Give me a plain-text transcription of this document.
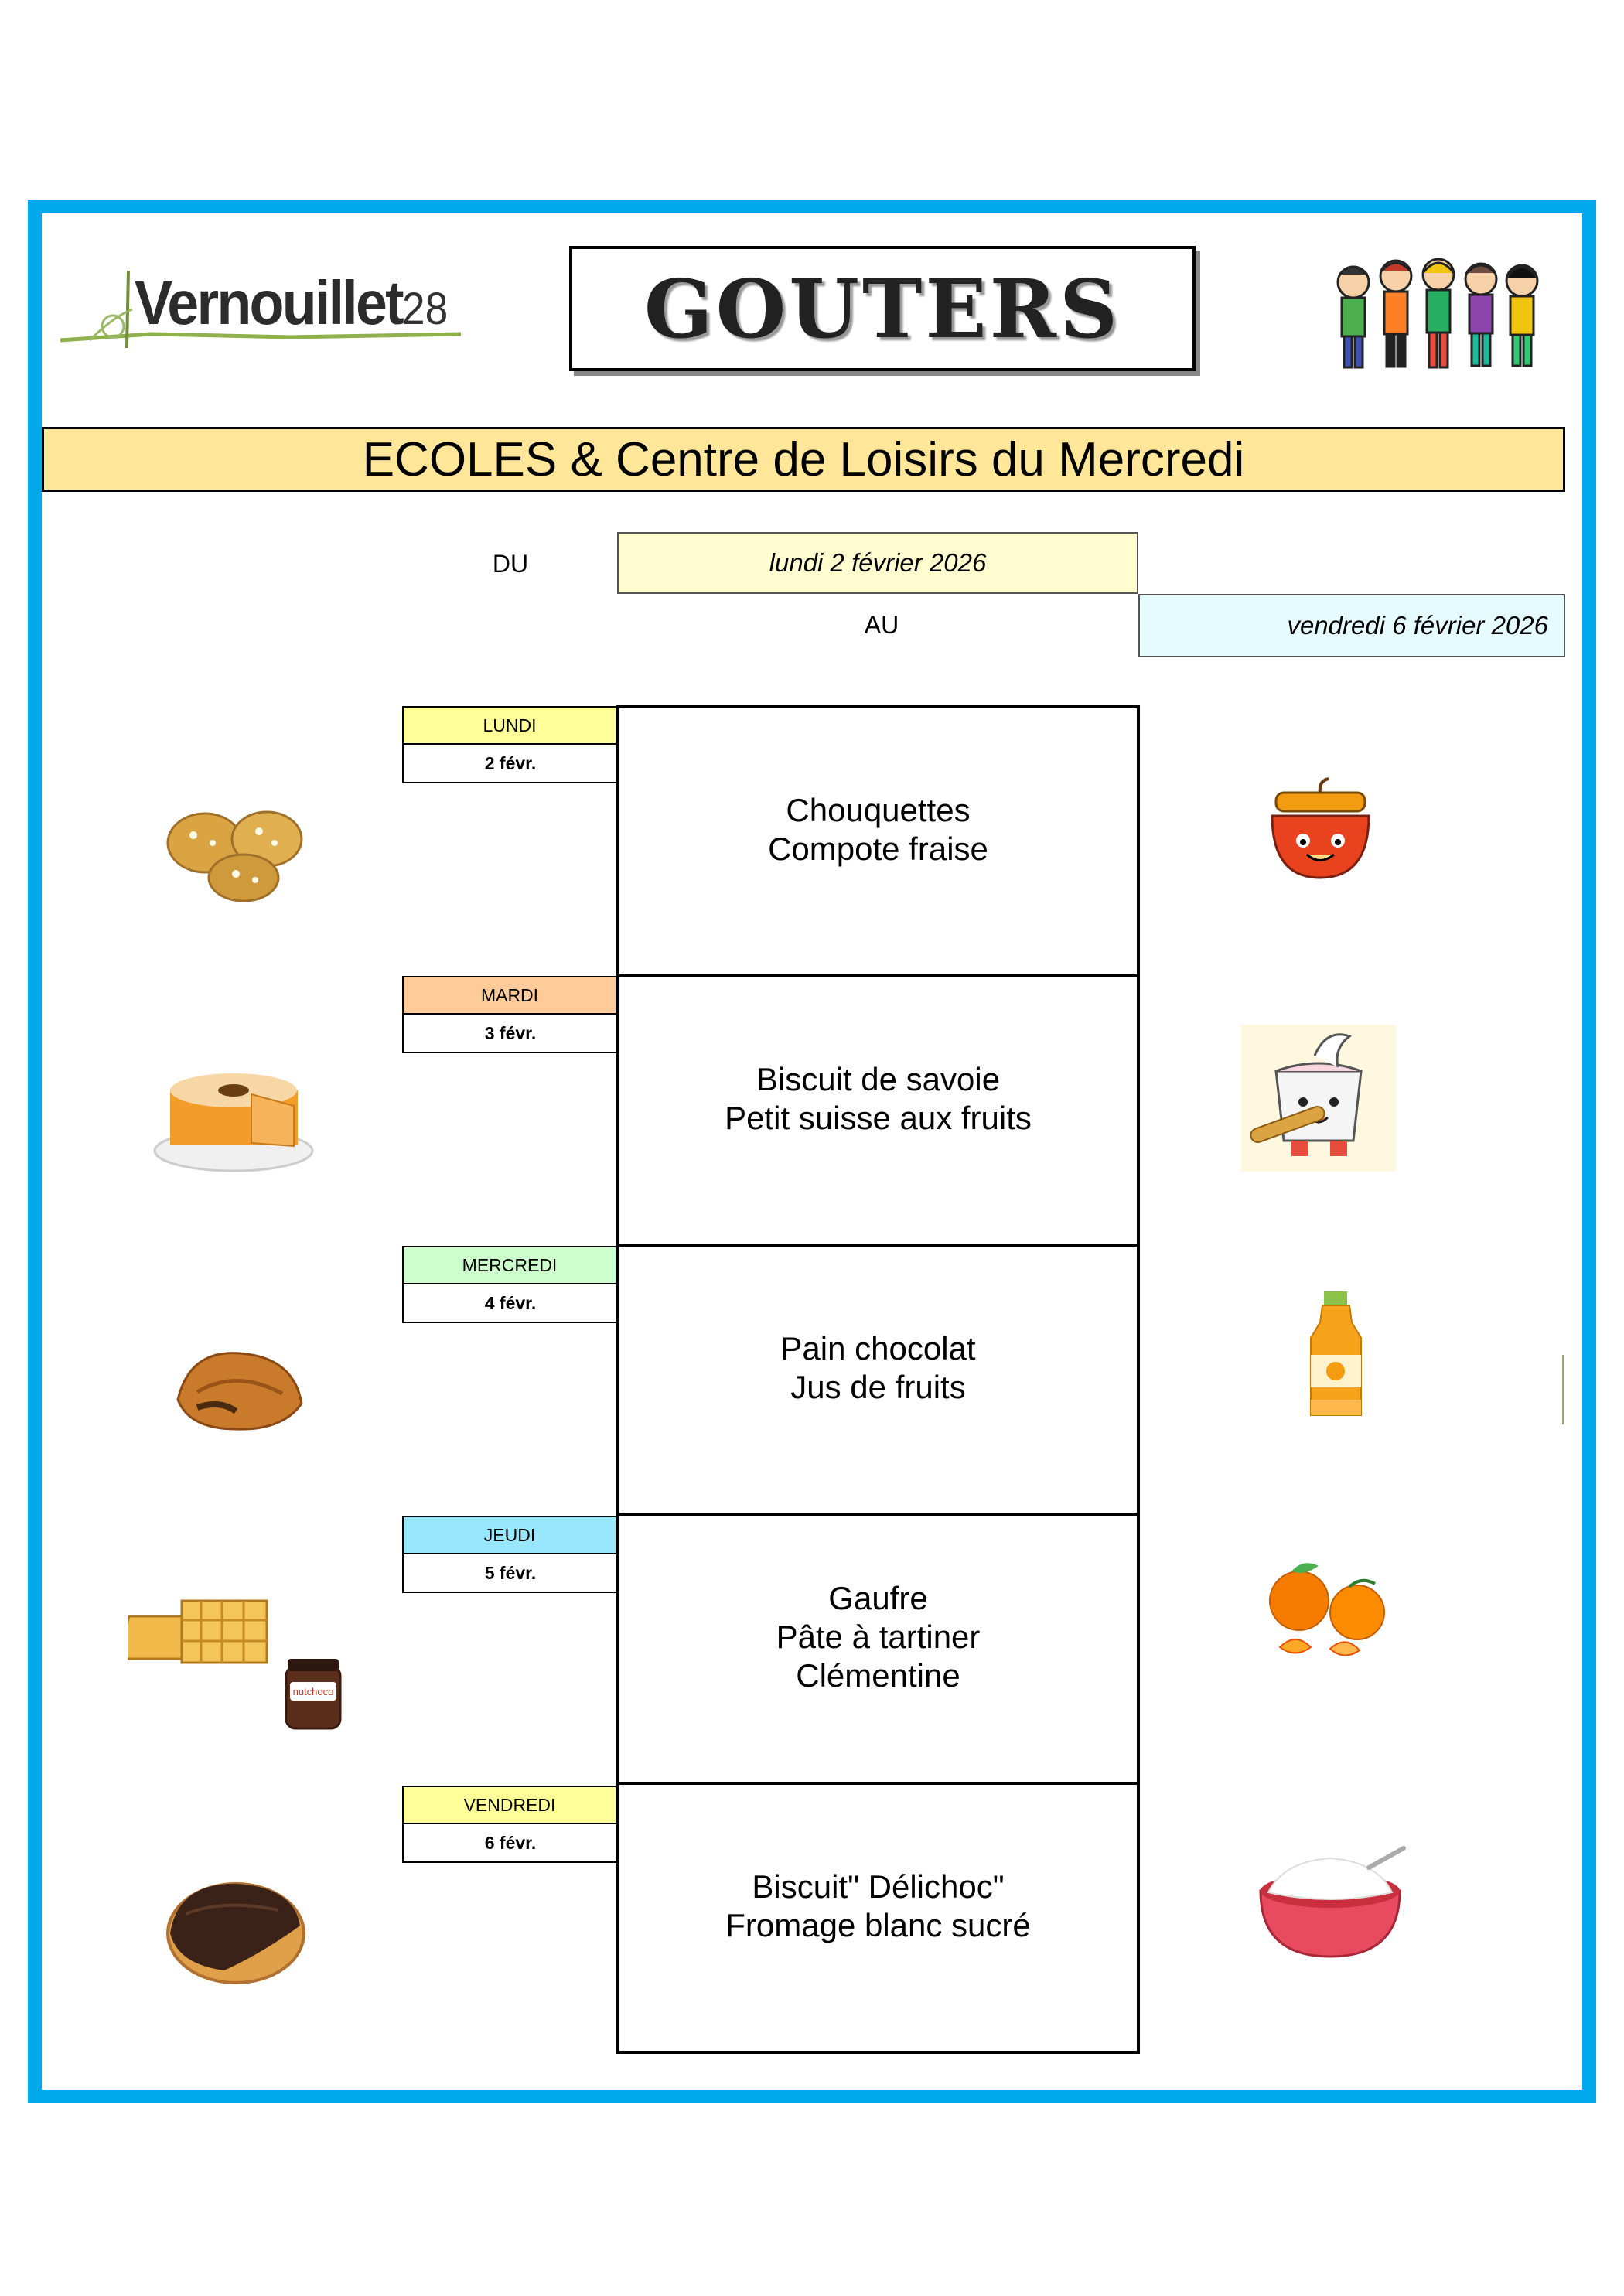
Vernouillet28 GOUTERS
ECOLES & Centre de Loisirs du Mercredi
DU	lundi 2 février 2026
AU	vendredi 6 février 2026
LUNDI
2 févr.
Chouquettes
Compote fraise
MARDI
3 févr.
Biscuit de savoie
Petit suisse aux fruits
MERCREDI
4 févr.
Pain chocolat
Jus de fruits
JEUDI
5 févr.
Gaufre
Pâte à tartiner
Clémentine
VENDREDI
6 févr.
Biscuit" Délichoc"
Fromage blanc sucré
nutchoco
